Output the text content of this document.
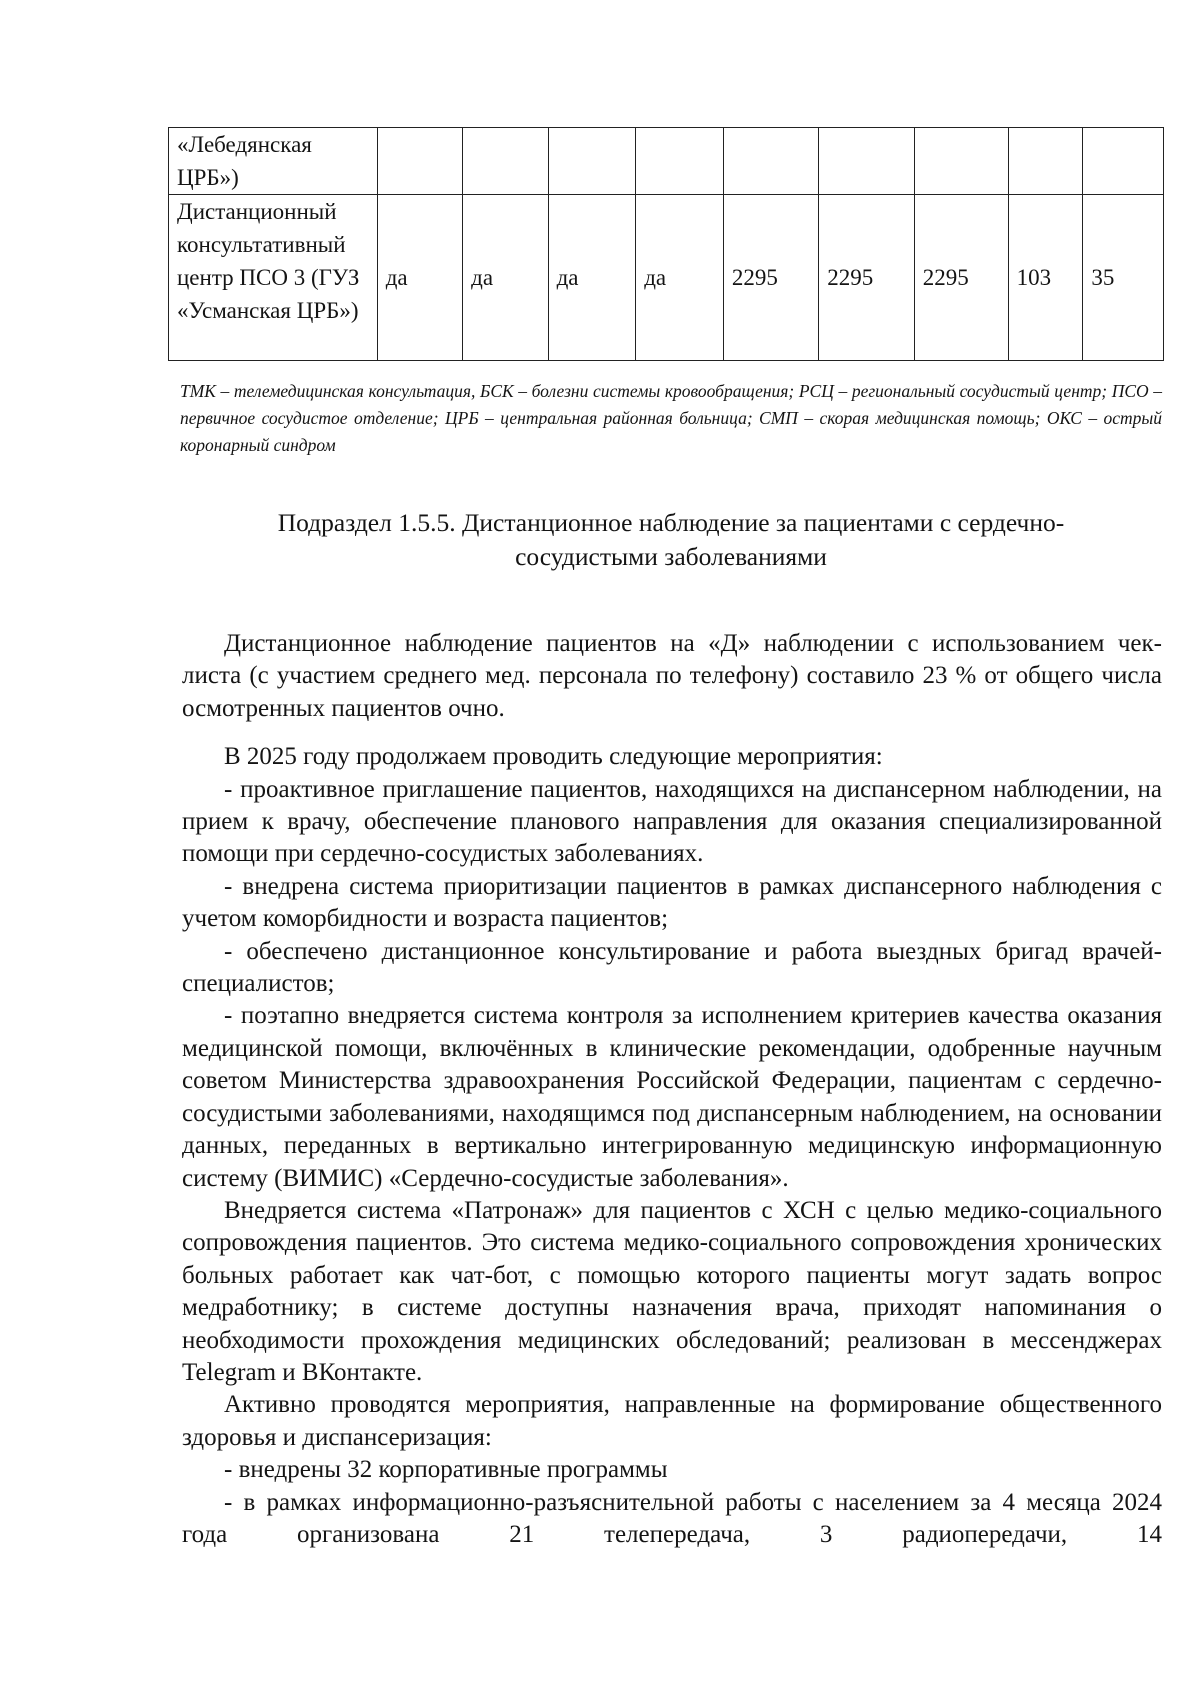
«Лебедянская ЦРБ»)									
Дистанционный консультативный центр ПСО 3 (ГУЗ «Усманская ЦРБ»)	да	да	да	да	2295	2295	2295	103	35
ТМК – телемедицинская консультация, БСК – болезни системы кровообращения; РСЦ – региональный сосудистый центр; ПСО – первичное сосудистое отделение; ЦРБ – центральная районная больница; СМП – скорая медицинская помощь; ОКС – острый коронарный синдром
Подраздел 1.5.5. Дистанционное наблюдение за пациентами с сердечно-
сосудистыми заболеваниями

Дистанционное наблюдение пациентов на «Д» наблюдении с использованием чек-листа (с участием среднего мед. персонала по телефону) составило 23 % от общего числа осмотренных пациентов очно.

В 2025 году продолжаем проводить следующие мероприятия:

- проактивное приглашение пациентов, находящихся на диспансерном наблюдении, на прием к врачу, обеспечение планового направления для оказания специализированной помощи при сердечно-сосудистых заболеваниях.

- внедрена система приоритизации пациентов в рамках диспансерного наблюдения с учетом коморбидности и возраста пациентов;

- обеспечено дистанционное консультирование и работа выездных бригад врачей-специалистов;

- поэтапно внедряется система контроля за исполнением критериев качества оказания медицинской помощи, включённых в клинические рекомендации, одобренные научным советом Министерства здравоохранения Российской Федерации, пациентам с сердечно-сосудистыми заболеваниями, находящимся под диспансерным наблюдением, на основании данных, переданных в вертикально интегрированную медицинскую информационную систему (ВИМИС) «Сердечно-сосудистые заболевания».

Внедряется система «Патронаж» для пациентов с ХСН с целью медико-социального сопровождения пациентов. Это система медико-социального сопровождения хронических больных работает как чат-бот, с помощью которого пациенты могут задать вопрос медработнику; в системе доступны назначения врача, приходят напоминания о необходимости прохождения медицинских обследований; реализован в мессенджерах Telegram и ВКонтакте.

Активно проводятся мероприятия, направленные на формирование общественного здоровья и диспансеризация:

- внедрены 32 корпоративные программы

- в рамках информационно-разъяснительной работы с населением за 4 месяца 2024 года организована 21 телепередача, 3 радиопередачи, 14
